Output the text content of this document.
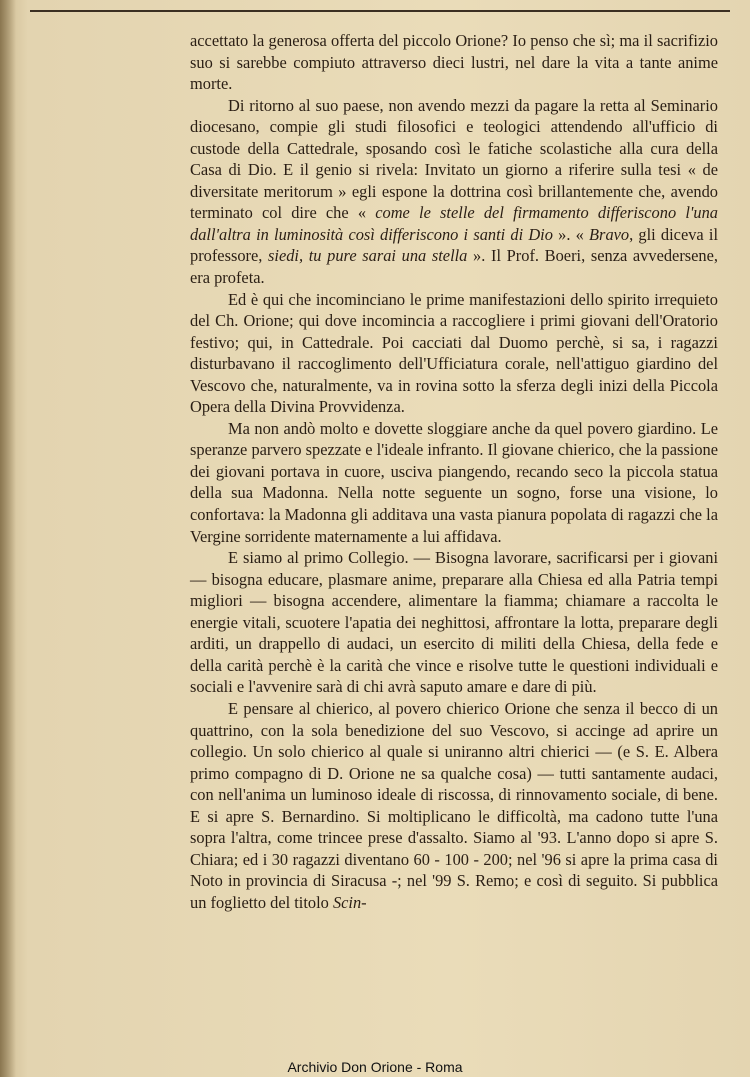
accettato la generosa offerta del piccolo Orione? Io penso che sì; ma il sacrifizio suo si sarebbe compiuto attraverso dieci lustri, nel dare la vita a tante anime morte.

Di ritorno al suo paese, non avendo mezzi da pagare la retta al Seminario diocesano, compie gli studi filosofici e teologici attendendo all'ufficio di custode della Cattedrale, sposando così le fatiche scolastiche alla cura della Casa di Dio. E il genio si rivela: Invitato un giorno a riferire sulla tesi « de diversitate meritorum » egli espone la dottrina così brillantemente che, avendo terminato col dire che « come le stelle del firmamento differiscono l'una dall'altra in luminosità così differiscono i santi di Dio ». « Bravo, gli diceva il professore, siedi, tu pure sarai una stella ». Il Prof. Boeri, senza avvedersene, era profeta.

Ed è qui che incominciano le prime manifestazioni dello spirito irrequieto del Ch. Orione; qui dove incomincia a raccogliere i primi giovani dell'Oratorio festivo; qui, in Cattedrale. Poi cacciati dal Duomo perchè, si sa, i ragazzi disturbavano il raccoglimento dell'Ufficiatura corale, nell'attiguo giardino del Vescovo che, naturalmente, va in rovina sotto la sferza degli inizi della Piccola Opera della Divina Provvidenza.

Ma non andò molto e dovette sloggiare anche da quel povero giardino. Le speranze parvero spezzate e l'ideale infranto. Il giovane chierico, che la passione dei giovani portava in cuore, usciva piangendo, recando seco la piccola statua della sua Madonna. Nella notte seguente un sogno, forse una visione, lo confortava: la Madonna gli additava una vasta pianura popolata di ragazzi che la Vergine sorridente maternamente a lui affidava.

E siamo al primo Collegio. — Bisogna lavorare, sacrificarsi per i giovani — bisogna educare, plasmare anime, preparare alla Chiesa ed alla Patria tempi migliori — bisogna accendere, alimentare la fiamma; chiamare a raccolta le energie vitali, scuotere l'apatia dei neghittosi, affrontare la lotta, preparare degli arditi, un drappello di audaci, un esercito di militi della Chiesa, della fede e della carità perchè è la carità che vince e risolve tutte le questioni individuali e sociali e l'avvenire sarà di chi avrà saputo amare e dare di più.

E pensare al chierico, al povero chierico Orione che senza il becco di un quattrino, con la sola benedizione del suo Vescovo, si accinge ad aprire un collegio. Un solo chierico al quale si uniranno altri chierici — (e S. E. Albera primo compagno di D. Orione ne sa qualche cosa) — tutti santamente audaci, con nell'anima un luminoso ideale di riscossa, di rinnovamento sociale, di bene. E si apre S. Bernardino. Si moltiplicano le difficoltà, ma cadono tutte l'una sopra l'altra, come trincee prese d'assalto. Siamo al '93. L'anno dopo si apre S. Chiara; ed i 30 ragazzi diventano 60 - 100 - 200; nel '96 si apre la prima casa di Noto in provincia di Siracusa -; nel '99 S. Remo; e così di seguito. Si pubblica un foglietto del titolo Scin-

Archivio Don Orione - Roma
